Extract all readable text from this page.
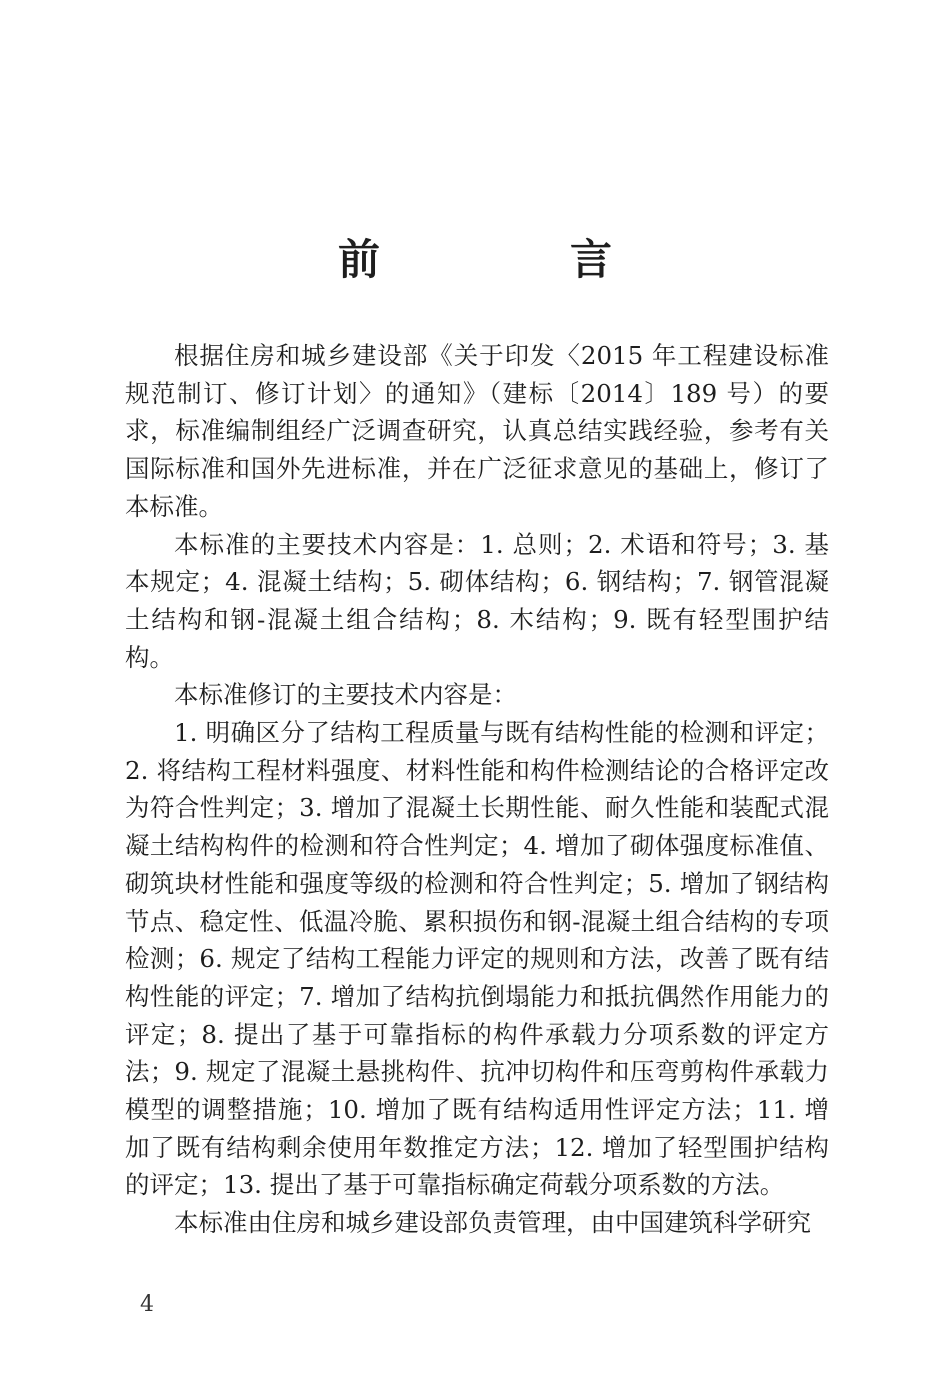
前　言

根据住房和城乡建设部《关于印发〈2015 年工程建设标准规范制订、修订计划〉的通知》（建标〔2014〕189 号）的要求，标准编制组经广泛调查研究，认真总结实践经验，参考有关国际标准和国外先进标准，并在广泛征求意见的基础上，修订了本标准。

本标准的主要技术内容是：1. 总则；2. 术语和符号；3. 基本规定；4. 混凝土结构；5. 砌体结构；6. 钢结构；7. 钢管混凝土结构和钢-混凝土组合结构；8. 木结构；9. 既有轻型围护结构。

本标准修订的主要技术内容是：

1. 明确区分了结构工程质量与既有结构性能的检测和评定；2. 将结构工程材料强度、材料性能和构件检测结论的合格评定改为符合性判定；3. 增加了混凝土长期性能、耐久性能和装配式混凝土结构构件的检测和符合性判定；4. 增加了砌体强度标准值、砌筑块材性能和强度等级的检测和符合性判定；5. 增加了钢结构节点、稳定性、低温冷脆、累积损伤和钢-混凝土组合结构的专项检测；6. 规定了结构工程能力评定的规则和方法，改善了既有结构性能的评定；7. 增加了结构抗倒塌能力和抵抗偶然作用能力的评定；8. 提出了基于可靠指标的构件承载力分项系数的评定方法；9. 规定了混凝土悬挑构件、抗冲切构件和压弯剪构件承载力模型的调整措施；10. 增加了既有结构适用性评定方法；11. 增加了既有结构剩余使用年数推定方法；12. 增加了轻型围护结构的评定；13. 提出了基于可靠指标确定荷载分项系数的方法。

本标准由住房和城乡建设部负责管理，由中国建筑科学研究

4
